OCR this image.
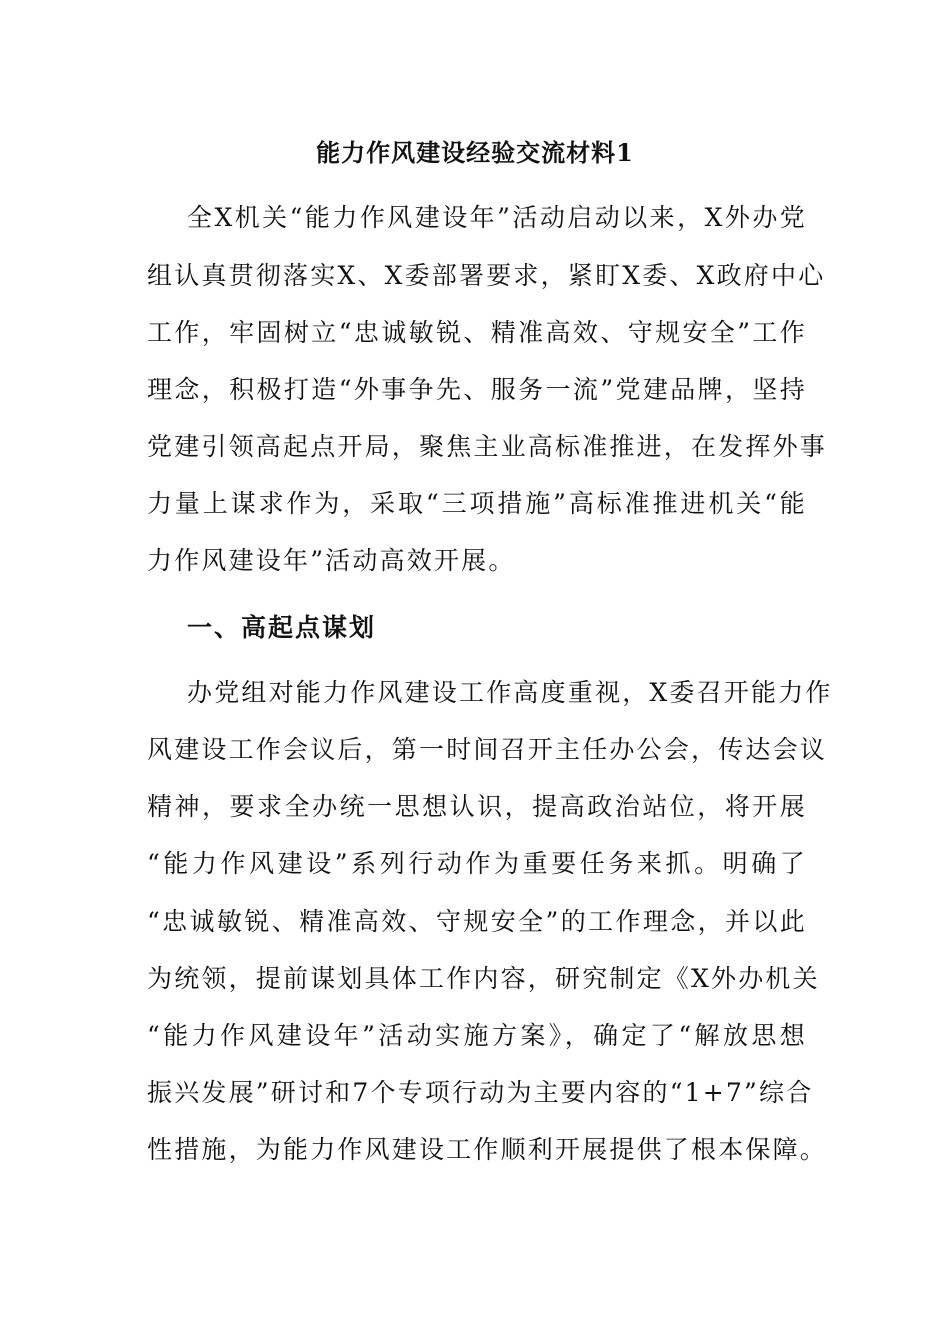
能力作风建设经验交流材料1
全X机关“能力作风建设年”活动启动以来，X外办党
组认真贯彻落实X、X委部署要求，紧盯X委、X政府中心
工作，牢固树立“忠诚敏锐、精准高效、守规安全”工作
理念，积极打造“外事争先、服务一流”党建品牌，坚持
党建引领高起点开局，聚焦主业高标准推进，在发挥外事
力量上谋求作为，采取“三项措施”高标准推进机关“能
力作风建设年”活动高效开展。
一、高起点谋划
办党组对能力作风建设工作高度重视，X委召开能力作
风建设工作会议后，第一时间召开主任办公会，传达会议
精神，要求全办统一思想认识，提高政治站位，将开展
“能力作风建设”系列行动作为重要任务来抓。明确了
“忠诚敏锐、精准高效、守规安全”的工作理念，并以此
为统领，提前谋划具体工作内容，研究制定《X外办机关
“能力作风建设年”活动实施方案》，确定了“解放思想
振兴发展”研讨和7个专项行动为主要内容的“1+7”综合
性措施，为能力作风建设工作顺利开展提供了根本保障。
